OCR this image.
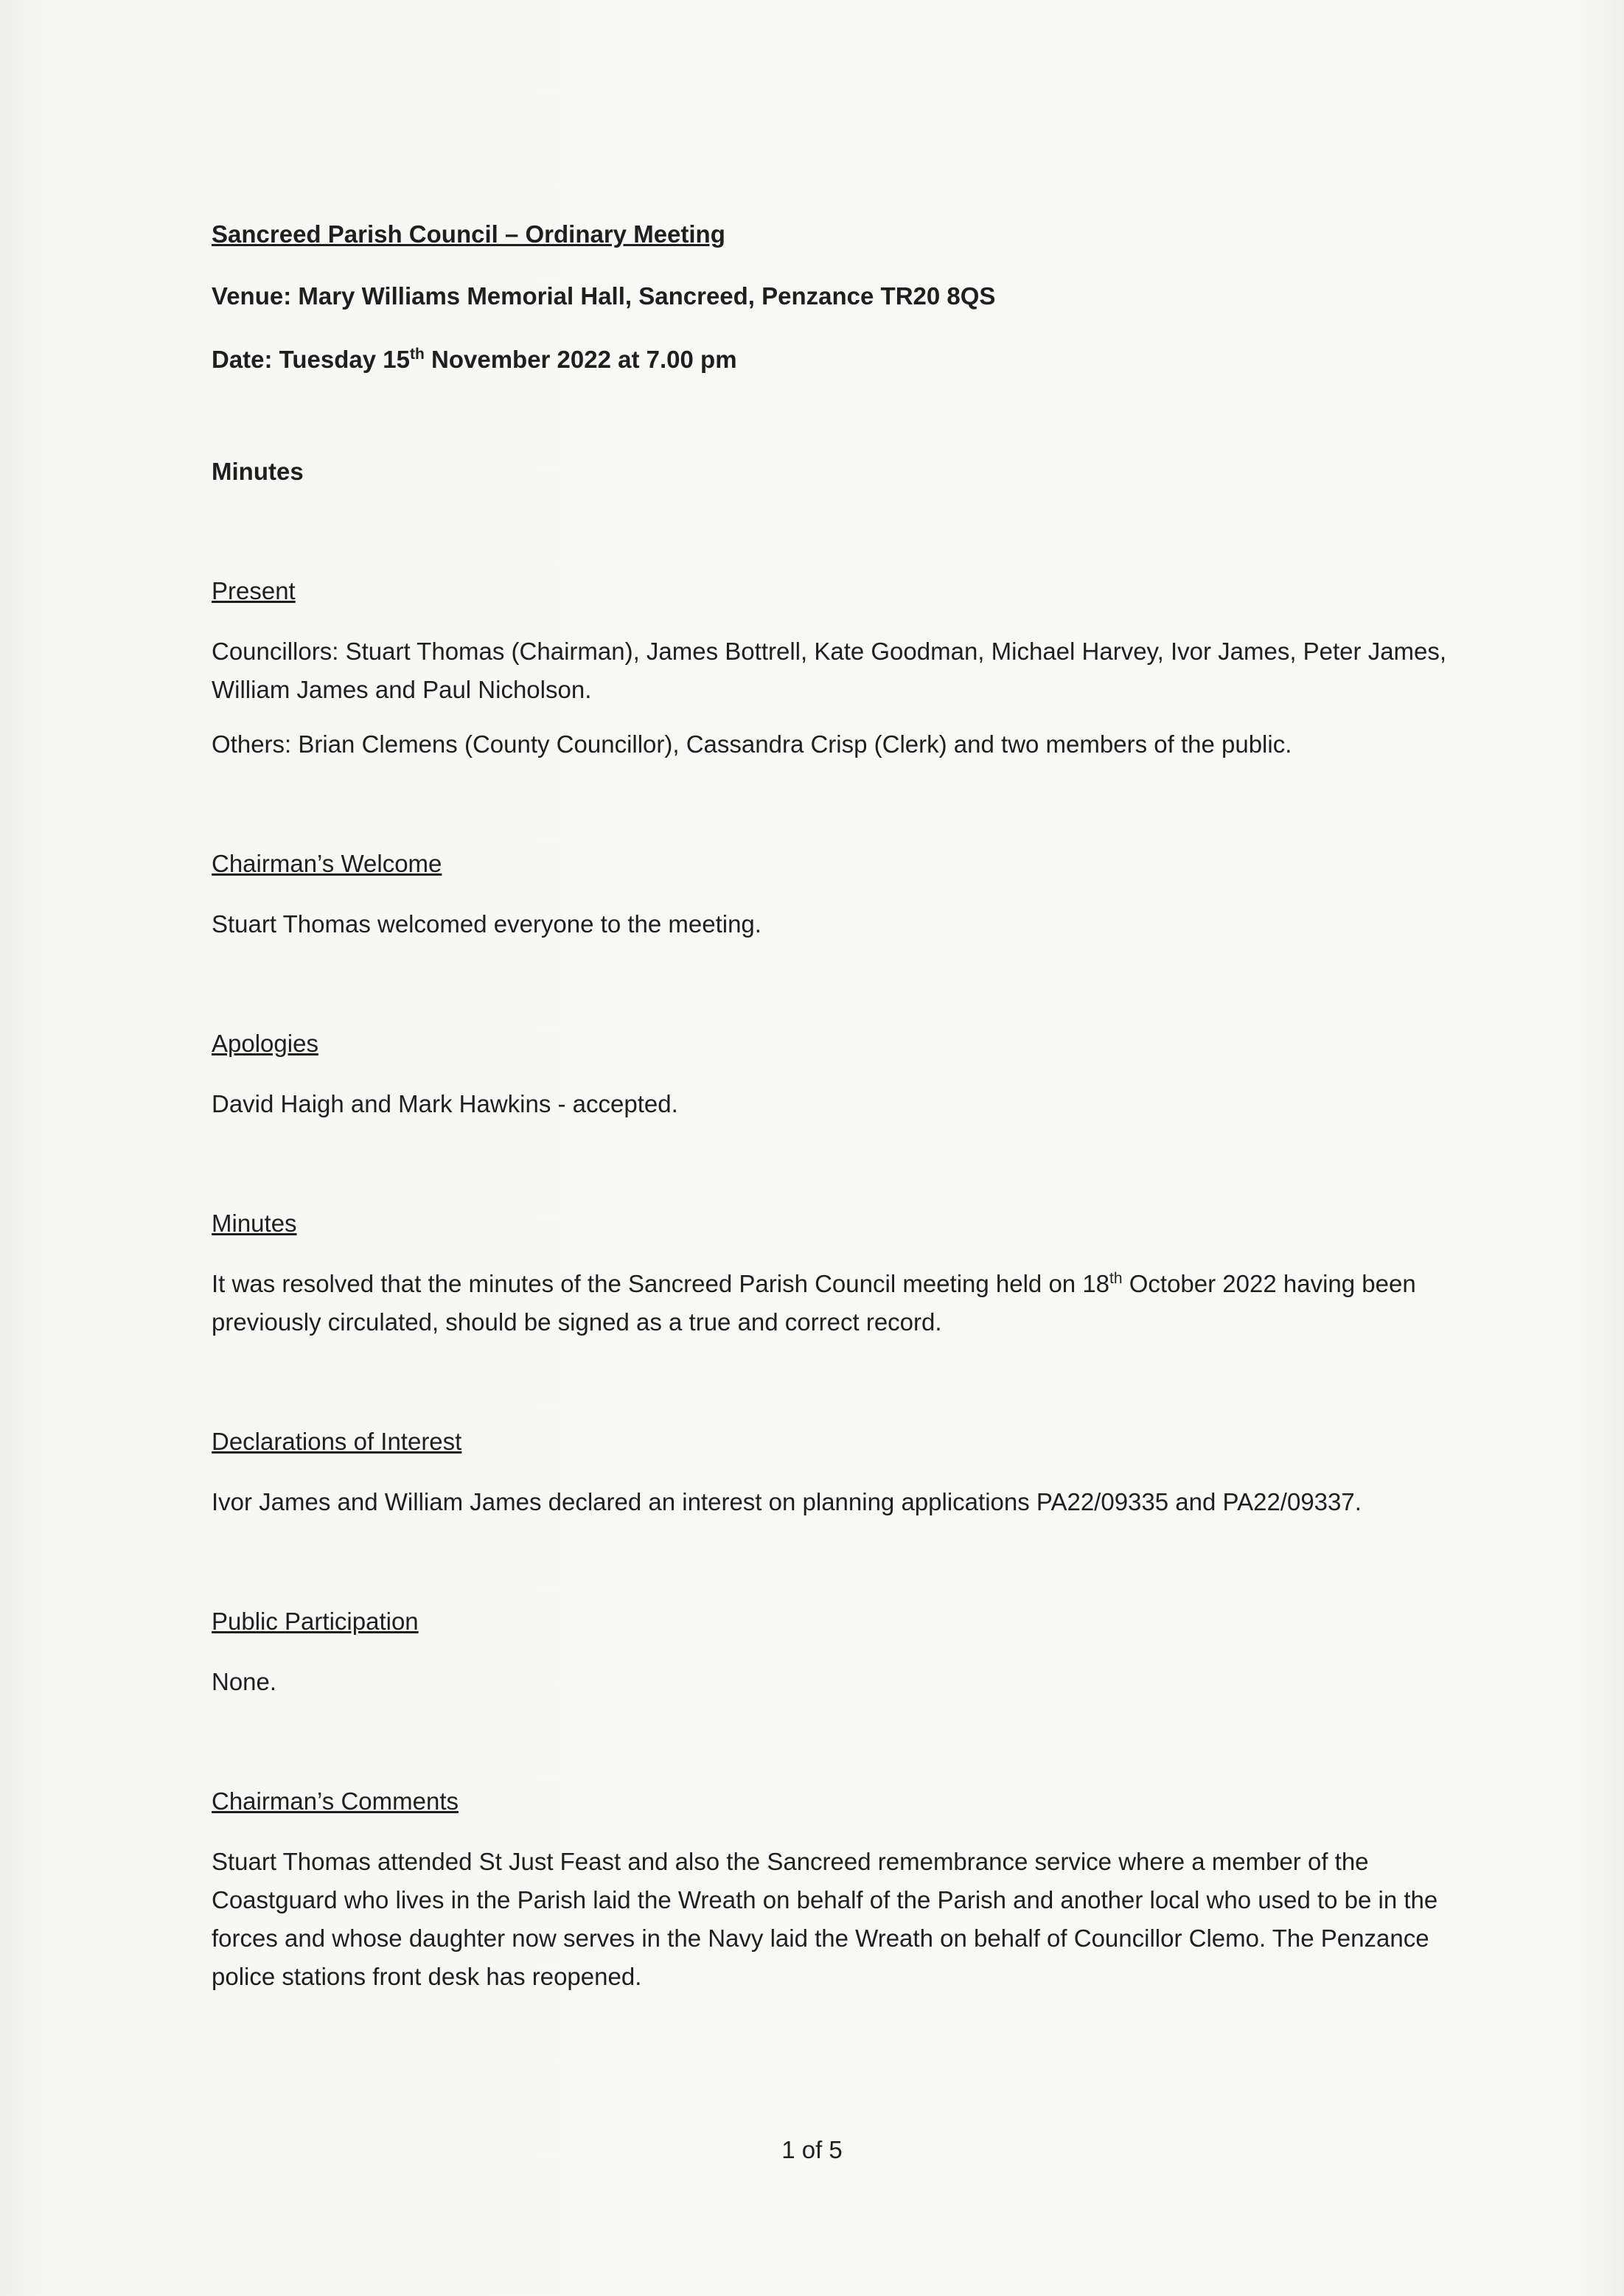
Sancreed Parish Council – Ordinary Meeting

Venue: Mary Williams Memorial Hall, Sancreed, Penzance TR20 8QS

Date: Tuesday 15th November 2022 at 7.00 pm

Minutes

Present

Councillors: Stuart Thomas (Chairman), James Bottrell, Kate Goodman, Michael Harvey, Ivor James, Peter James, William James and Paul Nicholson.

Others: Brian Clemens (County Councillor), Cassandra Crisp (Clerk) and two members of the public.

Chairman’s Welcome

Stuart Thomas welcomed everyone to the meeting.

Apologies

David Haigh and Mark Hawkins - accepted.

Minutes

It was resolved that the minutes of the Sancreed Parish Council meeting held on 18th October 2022 having been previously circulated, should be signed as a true and correct record.

Declarations of Interest

Ivor James and William James declared an interest on planning applications PA22/09335 and PA22/09337.

Public Participation

None.

Chairman’s Comments

Stuart Thomas attended St Just Feast and also the Sancreed remembrance service where a member of the Coastguard who lives in the Parish laid the Wreath on behalf of the Parish and another local who used to be in the forces and whose daughter now serves in the Navy laid the Wreath on behalf of Councillor Clemo. The Penzance police stations front desk has reopened.

1 of 5
